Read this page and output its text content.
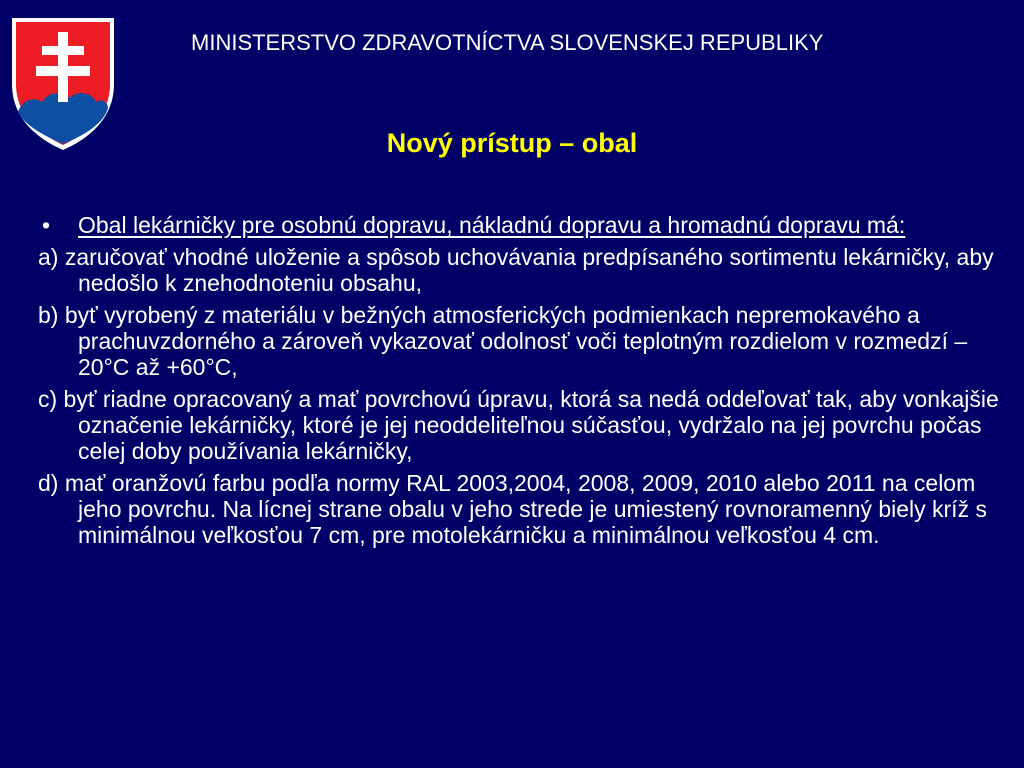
MINISTERSTVO ZDRAVOTNÍCTVA SLOVENSKEJ REPUBLIKY
Nový prístup – obal
• Obal lekárničky pre osobnú dopravu, nákladnú dopravu a hromadnú dopravu má:
a) zaručovať vhodné uloženie a spôsob uchovávania predpísaného sortimentu lekárničky, aby nedošlo k znehodnoteniu obsahu,
b) byť vyrobený z materiálu v bežných atmosferických podmienkach nepremokavého a prachuvzdorného a zároveň vykazovať odolnosť voči teplotným rozdielom v rozmedzí –20°C až +60°C,
c) byť riadne opracovaný a mať povrchovú úpravu, ktorá sa nedá oddeľovať tak, aby vonkajšie označenie lekárničky, ktoré je jej neoddeliteľnou súčasťou, vydržalo na jej povrchu počas celej doby používania lekárničky,
d) mať oranžovú farbu podľa normy RAL 2003,2004, 2008, 2009, 2010 alebo 2011 na celom jeho povrchu. Na lícnej strane obalu v jeho strede je umiestený rovnoramenný biely kríž s minimálnou veľkosťou 7 cm, pre motolekárničku a minimálnou veľkosťou 4 cm.
